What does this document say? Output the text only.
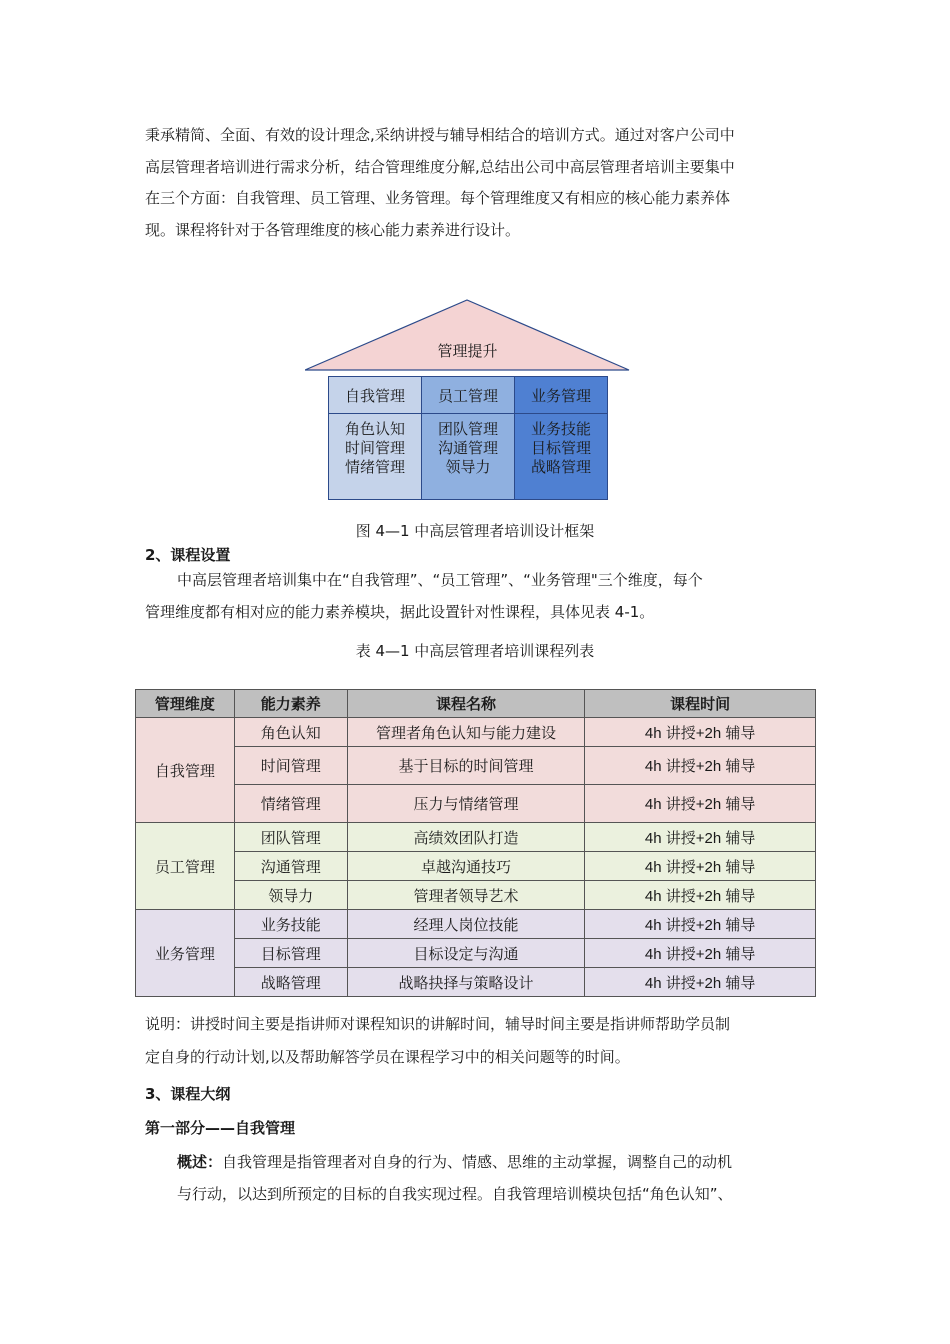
秉承精简、全面、有效的设计理念,采纳讲授与辅导相结合的培训方式。通过对客户公司中
高层管理者培训进行需求分析，结合管理维度分解,总结出公司中高层管理者培训主要集中
在三个方面：自我管理、员工管理、业务管理。每个管理维度又有相应的核心能力素养体
现。课程将针对于各管理维度的核心能力素养进行设计。
管理提升
自我管理
角色认知
时间管理
情绪管理
员工管理
团队管理
沟通管理
领导力
业务管理
业务技能
目标管理
战略管理
图 4—1 中高层管理者培训设计框架
2、课程设置
中高层管理者培训集中在“自我管理”、“员工管理”、“业务管理"三个维度，每个
管理维度都有相对应的能力素养模块，据此设置针对性课程，具体见表 4-1。
表 4—1 中高层管理者培训课程列表
管理维度	能力素养	课程名称	课程时间
自我管理	角色认知	管理者角色认知与能力建设	4h 讲授+2h 辅导
	时间管理	基于目标的时间管理	4h 讲授+2h 辅导
	情绪管理	压力与情绪管理	4h 讲授+2h 辅导
员工管理	团队管理	高绩效团队打造	4h 讲授+2h 辅导
	沟通管理	卓越沟通技巧	4h 讲授+2h 辅导
	领导力	管理者领导艺术	4h 讲授+2h 辅导
业务管理	业务技能	经理人岗位技能	4h 讲授+2h 辅导
	目标管理	目标设定与沟通	4h 讲授+2h 辅导
	战略管理	战略抉择与策略设计	4h 讲授+2h 辅导
说明：讲授时间主要是指讲师对课程知识的讲解时间，辅导时间主要是指讲师帮助学员制
定自身的行动计划,以及帮助解答学员在课程学习中的相关问题等的时间。
3、课程大纲
第一部分——自我管理
概述：自我管理是指管理者对自身的行为、情感、思维的主动掌握，调整自己的动机
与行动，以达到所预定的目标的自我实现过程。自我管理培训模块包括“角色认知”、
